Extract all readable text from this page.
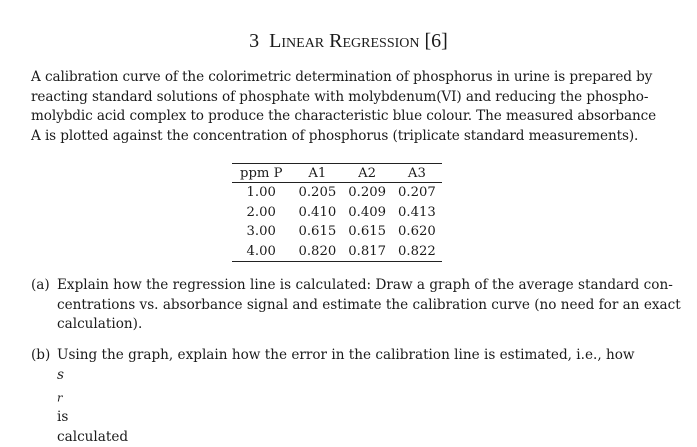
3 Linear Regression [6]
A calibration curve of the colorimetric determination of phosphorus in urine is prepared by
reacting standard solutions of phosphate with molybdenum(VI) and reducing the phospho-
molybdic acid complex to produce the characteristic blue colour. The measured absorbance
A is plotted against the concentration of phosphorus (triplicate standard measurements).
ppm P	A1	A2	A3
1.00	0.205	0.209	0.207
2.00	0.410	0.409	0.413
3.00	0.615	0.615	0.620
4.00	0.820	0.817	0.822
(a) Explain how the regression line is calculated: Draw a graph of the average standard con-
centrations vs. absorbance signal and estimate the calibration curve (no need for an exact
calculation).
(b) Using the graph, explain how the error in the calibration line is estimated, i.e., how
s
$_r$
is
calculated
